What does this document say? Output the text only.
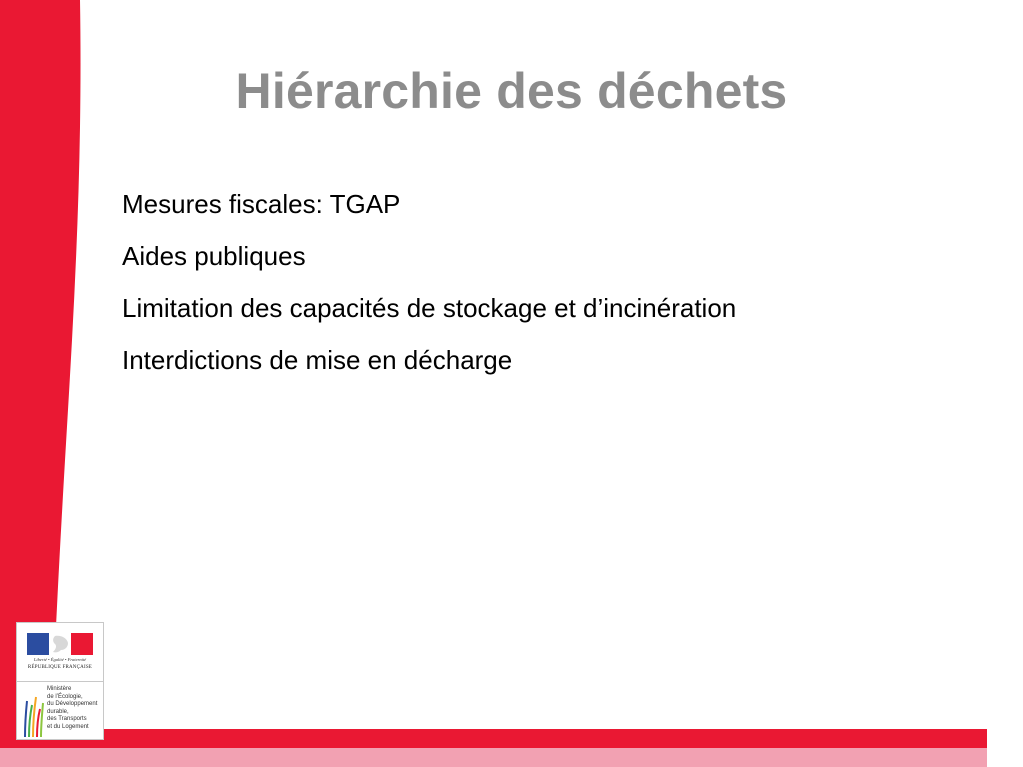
Hiérarchie des déchets
Mesures fiscales: TGAP
Aides publiques
Limitation des capacités de stockage et d’incinération
Interdictions de mise en décharge
Liberté • Égalité • Fraternité
RÉPUBLIQUE FRANÇAISE
Ministère
de l’Écologie,
du Développement
durable,
des Transports
et du Logement
